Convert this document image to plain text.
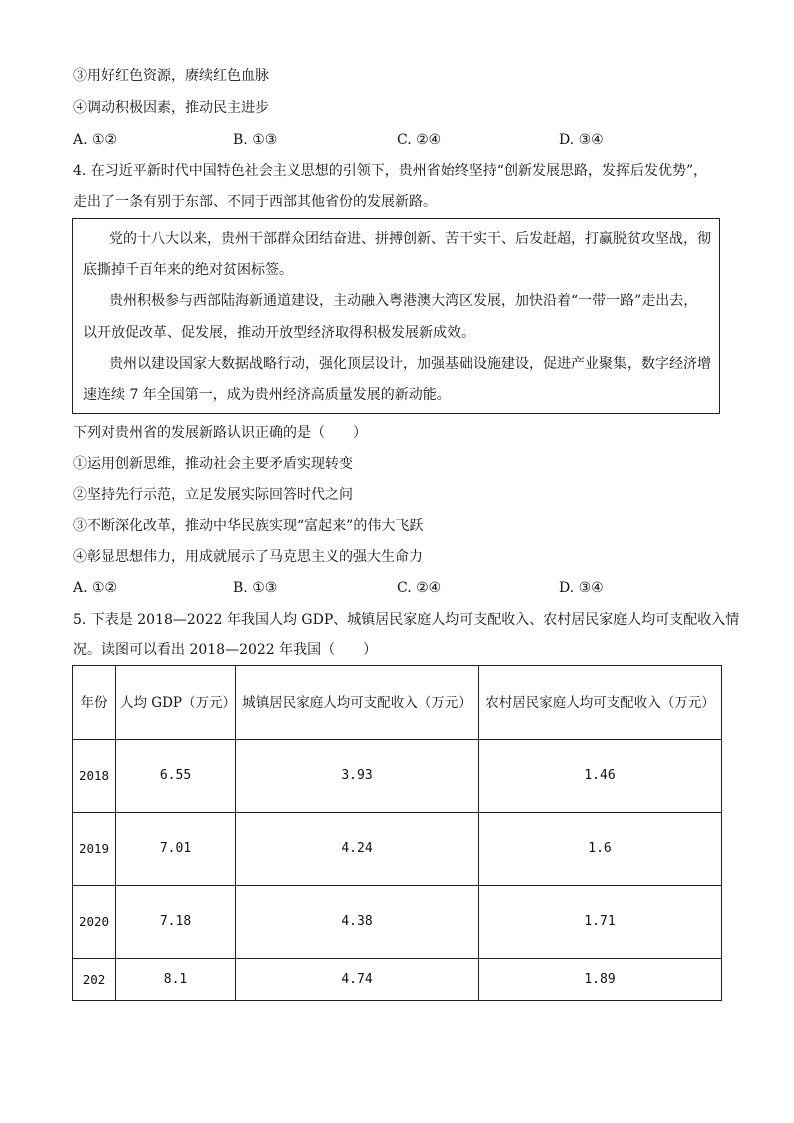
③用好红色资源，赓续红色血脉
④调动积极因素，推动民主进步
A. ①②	B. ①③	C. ②④	D. ③④
4. 在习近平新时代中国特色社会主义思想的引领下，贵州省始终坚持“创新发展思路，发挥后发优势”，
走出了一条有别于东部、不同于西部其他省份的发展新路。

党的十八大以来，贵州干部群众团结奋进、拼搏创新、苦干实干、后发赶超，打赢脱贫攻坚战，彻

底撕掉千百年来的绝对贫困标签。

贵州积极参与西部陆海新通道建设，主动融入粤港澳大湾区发展，加快沿着“一带一路”走出去，

以开放促改革、促发展，推动开放型经济取得积极发展新成效。

贵州以建设国家大数据战略行动，强化顶层设计，加强基础设施建设，促进产业聚集，数字经济增

速连续 7 年全国第一，成为贵州经济高质量发展的新动能。

下列对贵州省的发展新路认识正确的是（　　）
①运用创新思维，推动社会主要矛盾实现转变
②坚持先行示范，立足发展实际回答时代之问
③不断深化改革，推动中华民族实现“富起来”的伟大飞跃
④彰显思想伟力，用成就展示了马克思主义的强大生命力
A. ①②	B. ①③	C. ②④	D. ③④
5. 下表是 2018—2022 年我国人均 GDP、城镇居民家庭人均可支配收入、农村居民家庭人均可支配收入情
况。读图可以看出 2018—2022 年我国（　　）
年份	人均 GDP（万元）	城镇居民家庭人均可支配收入（万元）	农村居民家庭人均可支配收入（万元）
2018	6.55	3.93	1.46
2019	7.01	4.24	1.6
2020	7.18	4.38	1.71
202	8.1	4.74	1.89
